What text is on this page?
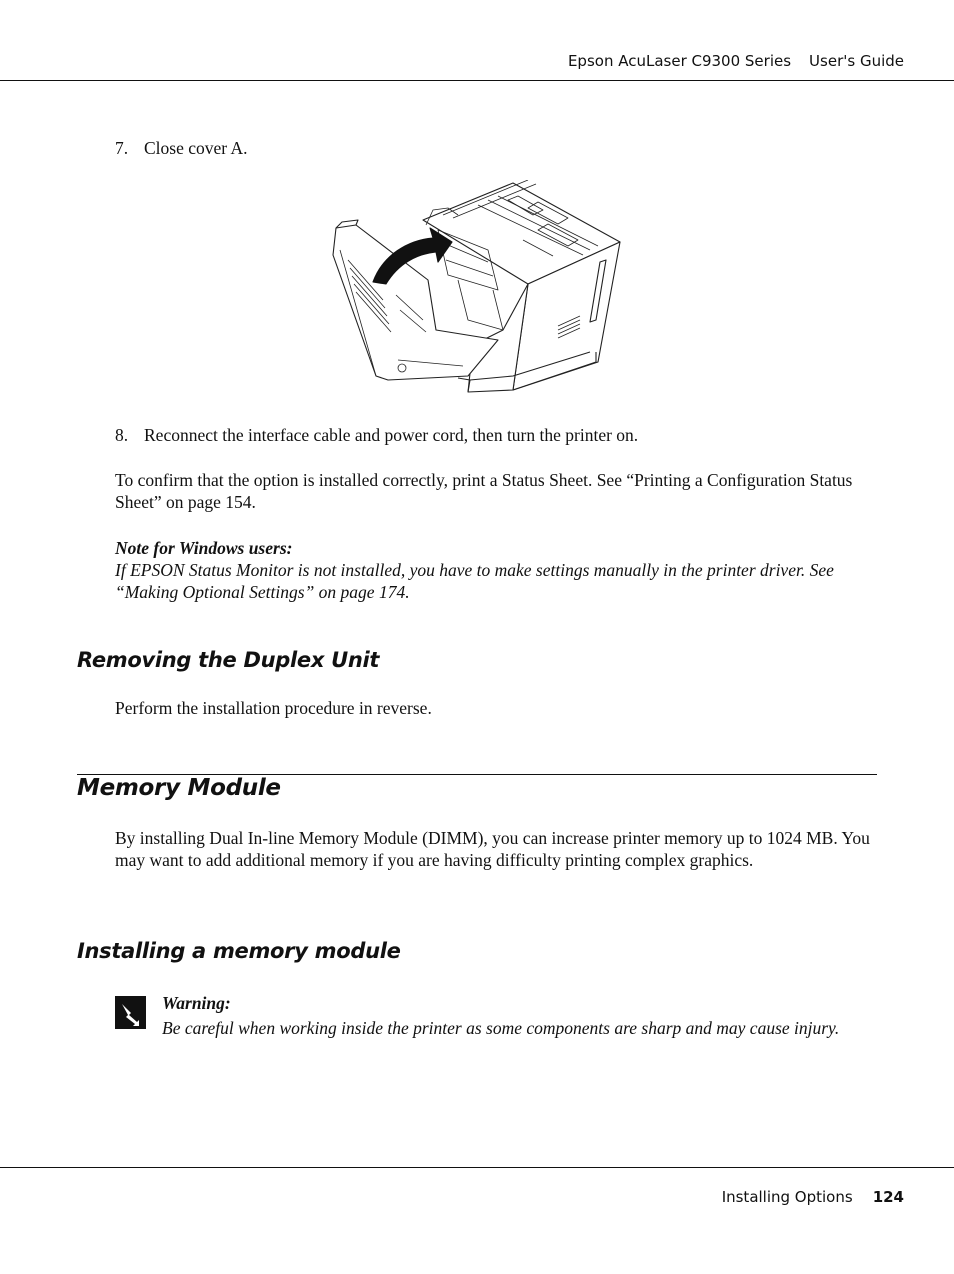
Epson AcuLaser C9300 Series User's Guide
7. Close cover A.
8. Reconnect the interface cable and power cord, then turn the printer on.
To confirm that the option is installed correctly, print a Status Sheet. See “Printing a Configuration Status Sheet” on page 154.
Note for Windows users:
If EPSON Status Monitor is not installed, you have to make settings manually in the printer driver. See “Making Optional Settings” on page 174.
Removing the Duplex Unit
Perform the installation procedure in reverse.
Memory Module
By installing Dual In-line Memory Module (DIMM), you can increase printer memory up to 1024 MB. You may want to add additional memory if you are having difficulty printing complex graphics.
Installing a memory module
Warning:
Be careful when working inside the printer as some components are sharp and may cause injury.
Installing Options 124
